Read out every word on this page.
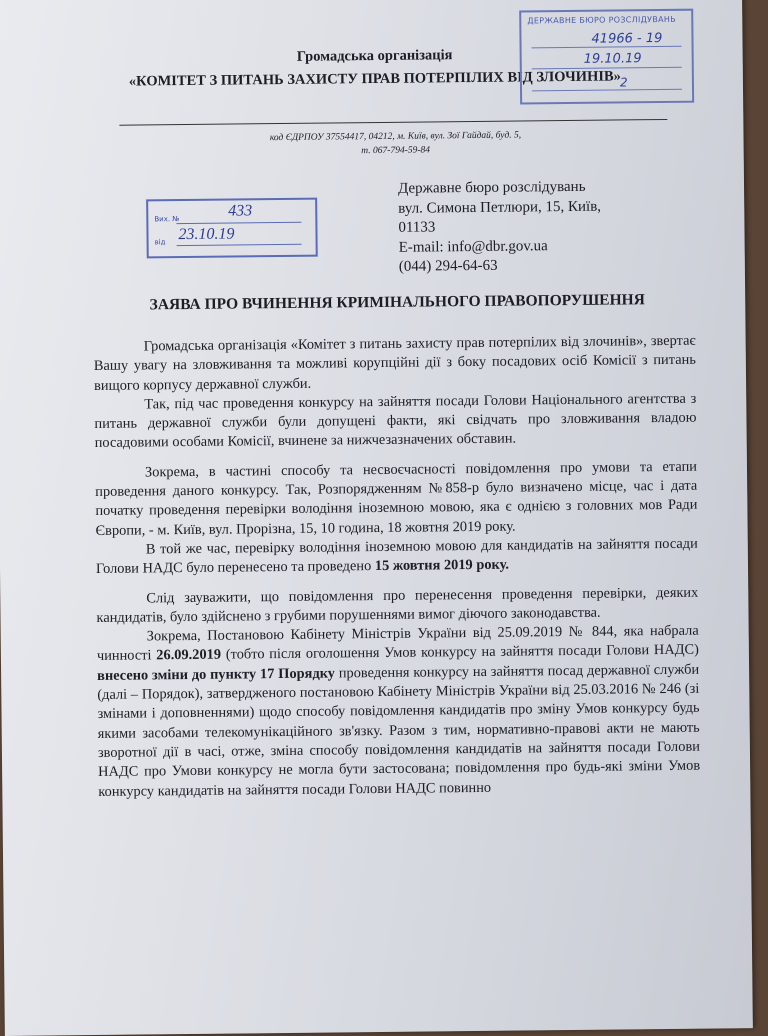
Громадська організація
«КОМІТЕТ З ПИТАНЬ ЗАХИСТУ ПРАВ ПОТЕРПІЛИХ ВІД ЗЛОЧИНІВ»
код ЄДРПОУ 37554417, 04212, м. Київ, вул. Зої Гайдай, буд. 5,
т. 067-794-59-84
ДЕРЖАВНЕ БЮРО РОЗСЛІДУВАНЬ
41966 - 19
19.10.19
2
Вих. №	433
від 23.10.19
Державне бюро розслідувань
вул. Симона Петлюри, 15, Київ,
01133
E-mail: info@dbr.gov.ua
(044) 294-64-63
ЗАЯВА ПРО ВЧИНЕННЯ КРИМІНАЛЬНОГО ПРАВОПОРУШЕННЯ

Громадська організація «Комітет з питань захисту прав потерпілих від злочинів», звертає Вашу увагу на зловживання та можливі корупційні дії з боку посадових осіб Комісії з питань вищого корпусу державної служби.

Так, під час проведення конкурсу на зайняття посади Голови Національного агентства з питань державної служби були допущені факти, які свідчать про зловживання владою посадовими особами Комісії, вчинене за нижчезазначених обставин.

Зокрема, в частині способу та несвоєчасності повідомлення про умови та етапи проведення даного конкурсу. Так, Розпорядженням №858-р було визначено місце, час і дата початку проведення перевірки володіння іноземною мовою, яка є однією з головних мов Ради Європи, - м. Київ, вул. Прорізна, 15, 10 година, 18 жовтня 2019 року.

В той же час, перевірку володіння іноземною мовою для кандидатів на зайняття посади Голови НАДС було перенесено та проведено 15 жовтня 2019 року.

Слід зауважити, що повідомлення про перенесення проведення перевірки, деяких кандидатів, було здійснено з грубими порушеннями вимог діючого законодавства.

Зокрема, Постановою Кабінету Міністрів України від 25.09.2019 № 844, яка набрала чинності 26.09.2019 (тобто після оголошення Умов конкурсу на зайняття посади Голови НАДС) внесено зміни до пункту 17 Порядку проведення конкурсу на зайняття посад державної служби (далі – Порядок), затвердженого постановою Кабінету Міністрів України від 25.03.2016 № 246 (зі змінами і доповненнями) щодо способу повідомлення кандидатів про зміну Умов конкурсу будь якими засобами телекомунікаційного зв'язку. Разом з тим, нормативно-правові акти не мають зворотної дії в часі, отже, зміна способу повідомлення кандидатів на зайняття посади Голови НАДС про Умови конкурсу не могла бути застосована; повідомлення про будь-які зміни Умов конкурсу кандидатів на зайняття посади Голови НАДС повинно
